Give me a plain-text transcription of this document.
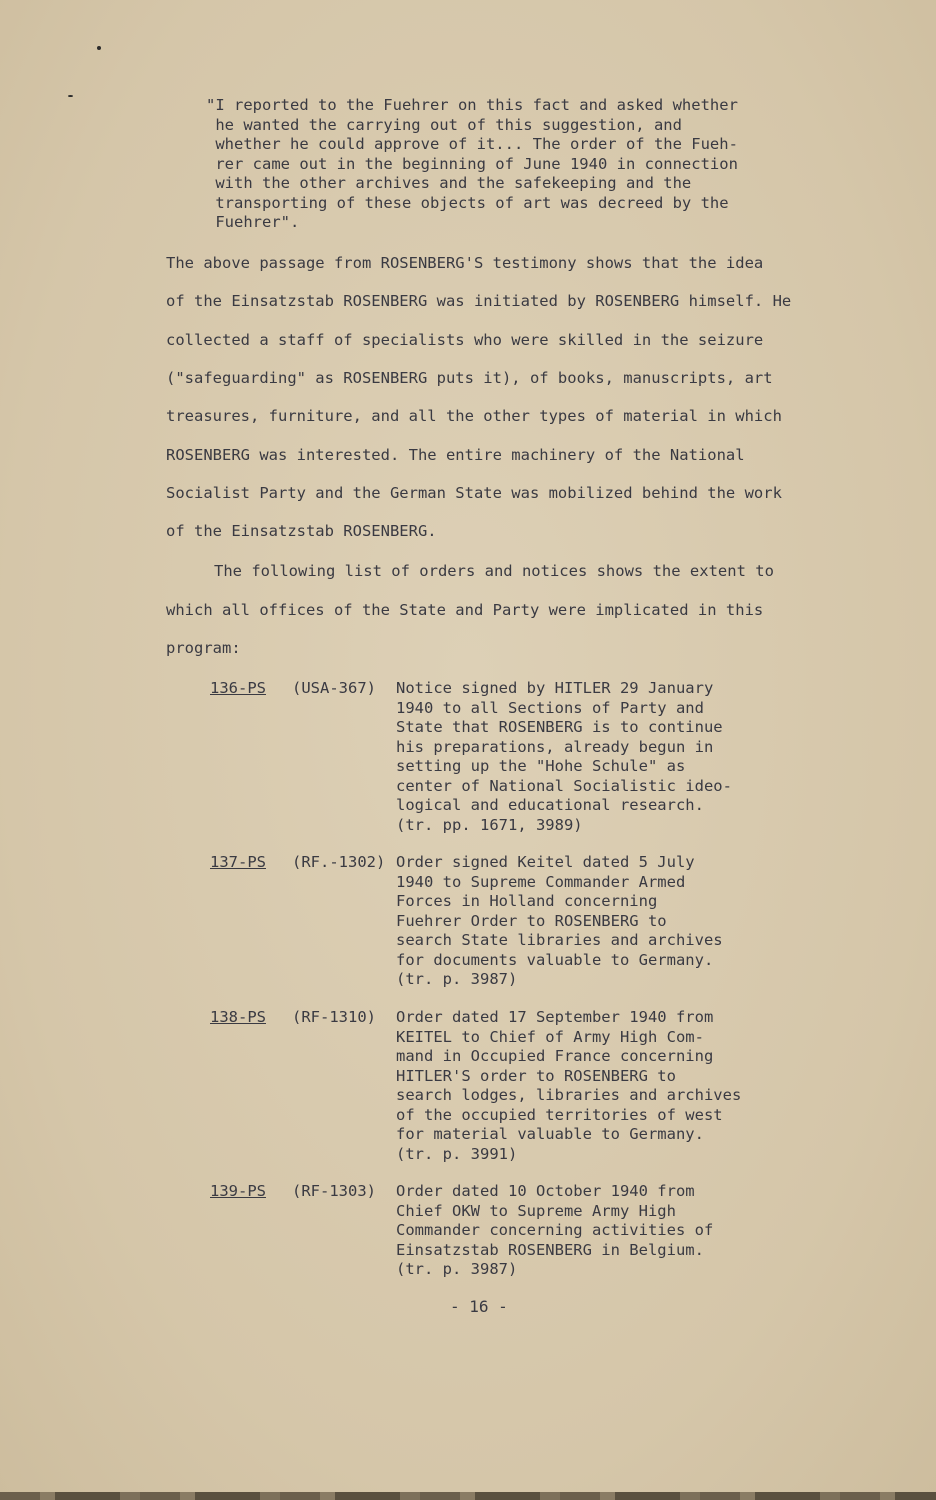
"I reported to the Fuehrer on this fact and asked whether
he wanted the carrying out of this suggestion, and
whether he could approve of it... The order of the Fueh-
rer came out in the beginning of June 1940 in connection
with the other archives and the safekeeping and the
transporting of these objects of art was decreed by the
Fuehrer".
The above passage from ROSENBERG'S testimony shows that the idea
of the Einsatzstab ROSENBERG was initiated by ROSENBERG himself. He
collected a staff of specialists who were skilled in the seizure
("safeguarding" as ROSENBERG puts it), of books, manuscripts, art
treasures, furniture, and all the other types of material in which
ROSENBERG was interested. The entire machinery of the National
Socialist Party and the German State was mobilized behind the work
of the Einsatzstab ROSENBERG.
The following list of orders and notices shows the extent to
which all offices of the State and Party were implicated in this
program:
136-PS (USA-367) Notice signed by HITLER 29 January
1940 to all Sections of Party and
State that ROSENBERG is to continue
his preparations, already begun in
setting up the "Hohe Schule" as
center of National Socialistic ideo-
logical and educational research.
(tr. pp. 1671, 3989)
137-PS (RF.-1302) Order signed Keitel dated 5 July
1940 to Supreme Commander Armed
Forces in Holland concerning
Fuehrer Order to ROSENBERG to
search State libraries and archives
for documents valuable to Germany.
(tr. p. 3987)
138-PS (RF-1310) Order dated 17 September 1940 from
KEITEL to Chief of Army High Com-
mand in Occupied France concerning
HITLER'S order to ROSENBERG to
search lodges, libraries and archives
of the occupied territories of west
for material valuable to Germany.
(tr. p. 3991)
139-PS (RF-1303) Order dated 10 October 1940 from
Chief OKW to Supreme Army High
Commander concerning activities of
Einsatzstab ROSENBERG in Belgium.
(tr. p. 3987)
- 16 -
